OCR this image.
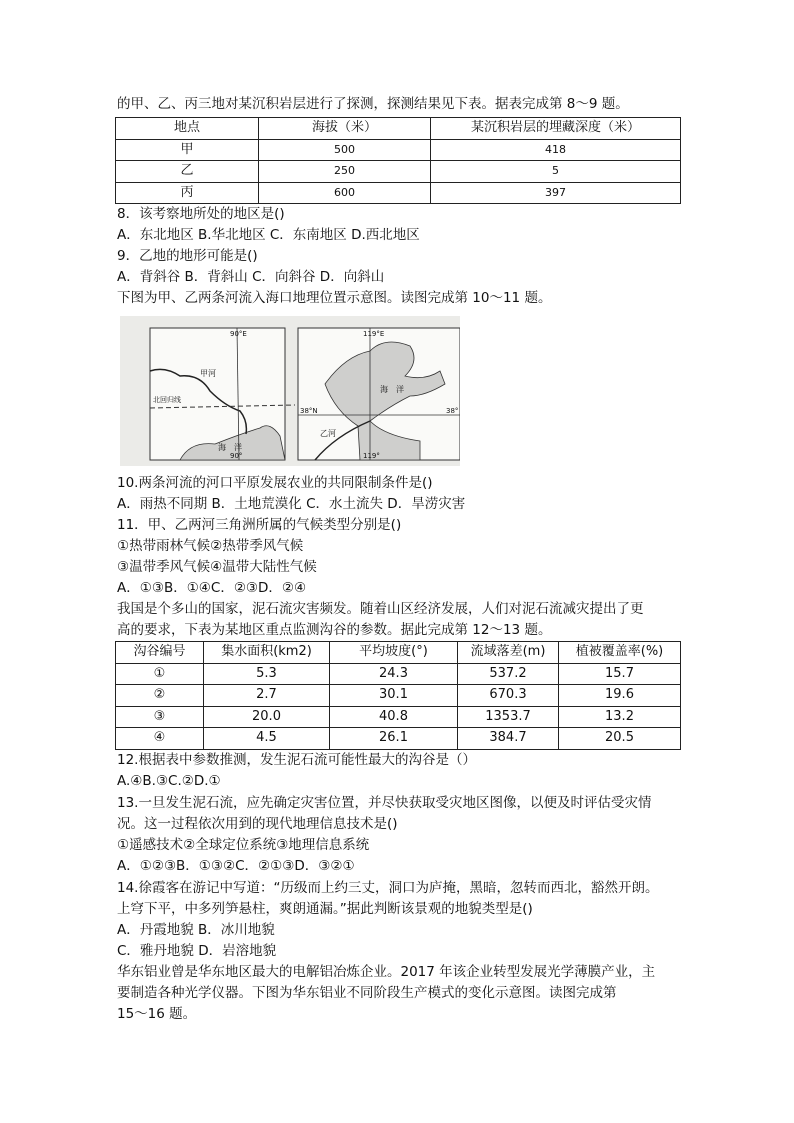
的甲、乙、丙三地对某沉积岩层进行了探测，探测结果见下表。据表完成第 8～9 题。
地点	海拔（米）	某沉积岩层的埋藏深度（米）
甲	500	418
乙	250	5
丙	600	397
8．该考察地所处的地区是()
A．东北地区 B.华北地区 C．东南地区 D.西北地区
9．乙地的地形可能是()
A．背斜谷 B．背斜山 C．向斜谷 D．向斜山
下图为甲、乙两条河流入海口地理位置示意图。读图完成第 10～11 题。
90°E
90°
甲河
北回归线
海　洋
119°E
119°
38°N	38°
海　洋
乙河
10.两条河流的河口平原发展农业的共同限制条件是()
A．雨热不同期 B．土地荒漠化 C．水土流失 D．旱涝灾害
11．甲、乙两河三角洲所属的气候类型分别是()
①热带雨林气候②热带季风气候
③温带季风气候④温带大陆性气候
A．①③B．①④C．②③D．②④
我国是个多山的国家，泥石流灾害频发。随着山区经济发展，人们对泥石流减灾提出了更
高的要求，下表为某地区重点监测沟谷的参数。据此完成第 12～13 题。
沟谷编号	集水面积(km2)	平均坡度(°)	流域落差(m)	植被覆盖率(%)
①	5.3	24.3	537.2	15.7
②	2.7	30.1	670.3	19.6
③	20.0	40.8	1353.7	13.2
④	4.5	26.1	384.7	20.5
12.根据表中参数推测，发生泥石流可能性最大的沟谷是（）
A.④B.③C.②D.①
13.一旦发生泥石流，应先确定灾害位置，并尽快获取受灾地区图像，以便及时评估受灾情
况。这一过程依次用到的现代地理信息技术是()
①遥感技术②全球定位系统③地理信息系统
A．①②③B．①③②C．②①③D．③②①
14.徐霞客在游记中写道：“历级而上约三丈，洞口为庐掩，黑暗，忽转而西北，豁然开朗。
上穹下平，中多列笋悬柱，爽朗通漏。”据此判断该景观的地貌类型是()
A．丹霞地貌 B．冰川地貌
C．雅丹地貌 D．岩溶地貌
华东铝业曾是华东地区最大的电解铝冶炼企业。2017 年该企业转型发展光学薄膜产业，主
要制造各种光学仪器。下图为华东铝业不同阶段生产模式的变化示意图。读图完成第
15～16 题。
